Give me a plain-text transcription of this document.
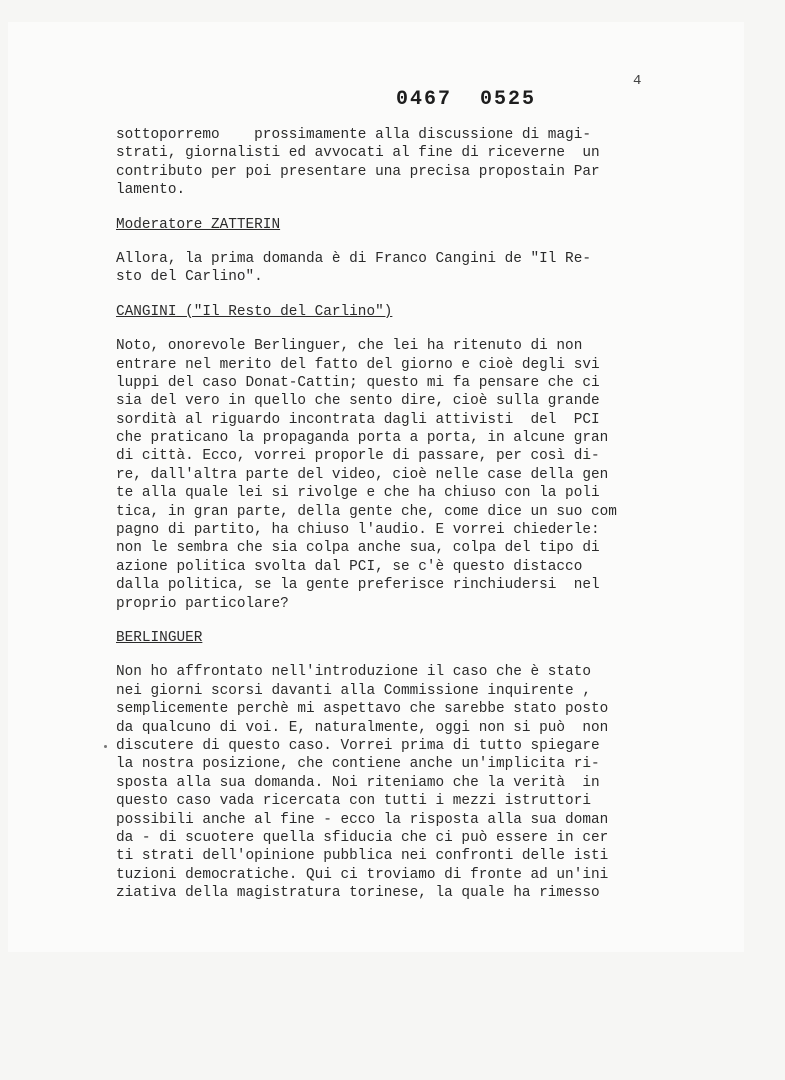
4
0467 0525
sottoporremo    prossimamente alla discussione di magi-
strati, giornalisti ed avvocati al fine di riceverne  un
contributo per poi presentare una precisa propostain Par
lamento.
Moderatore ZATTERIN
Allora, la prima domanda è di Franco Cangini de "Il Re-
sto del Carlino".
CANGINI ("Il Resto del Carlino")
Noto, onorevole Berlinguer, che lei ha ritenuto di non
entrare nel merito del fatto del giorno e cioè degli svi
luppi del caso Donat-Cattin; questo mi fa pensare che ci
sia del vero in quello che sento dire, cioè sulla grande
sordità al riguardo incontrata dagli attivisti  del  PCI
che praticano la propaganda porta a porta, in alcune gran
di città. Ecco, vorrei proporle di passare, per così di-
re, dall'altra parte del video, cioè nelle case della gen
te alla quale lei si rivolge e che ha chiuso con la poli
tica, in gran parte, della gente che, come dice un suo com
pagno di partito, ha chiuso l'audio. E vorrei chiederle:
non le sembra che sia colpa anche sua, colpa del tipo di
azione politica svolta dal PCI, se c'è questo distacco
dalla politica, se la gente preferisce rinchiudersi  nel
proprio particolare?
BERLINGUER
Non ho affrontato nell'introduzione il caso che è stato
nei giorni scorsi davanti alla Commissione inquirente ,
semplicemente perchè mi aspettavo che sarebbe stato posto
da qualcuno di voi. E, naturalmente, oggi non si può  non
discutere di questo caso. Vorrei prima di tutto spiegare
la nostra posizione, che contiene anche un'implicita ri-
sposta alla sua domanda. Noi riteniamo che la verità  in
questo caso vada ricercata con tutti i mezzi istruttori
possibili anche al fine - ecco la risposta alla sua doman
da - di scuotere quella sfiducia che ci può essere in cer
ti strati dell'opinione pubblica nei confronti delle isti
tuzioni democratiche. Qui ci troviamo di fronte ad un'ini
ziativa della magistratura torinese, la quale ha rimesso
